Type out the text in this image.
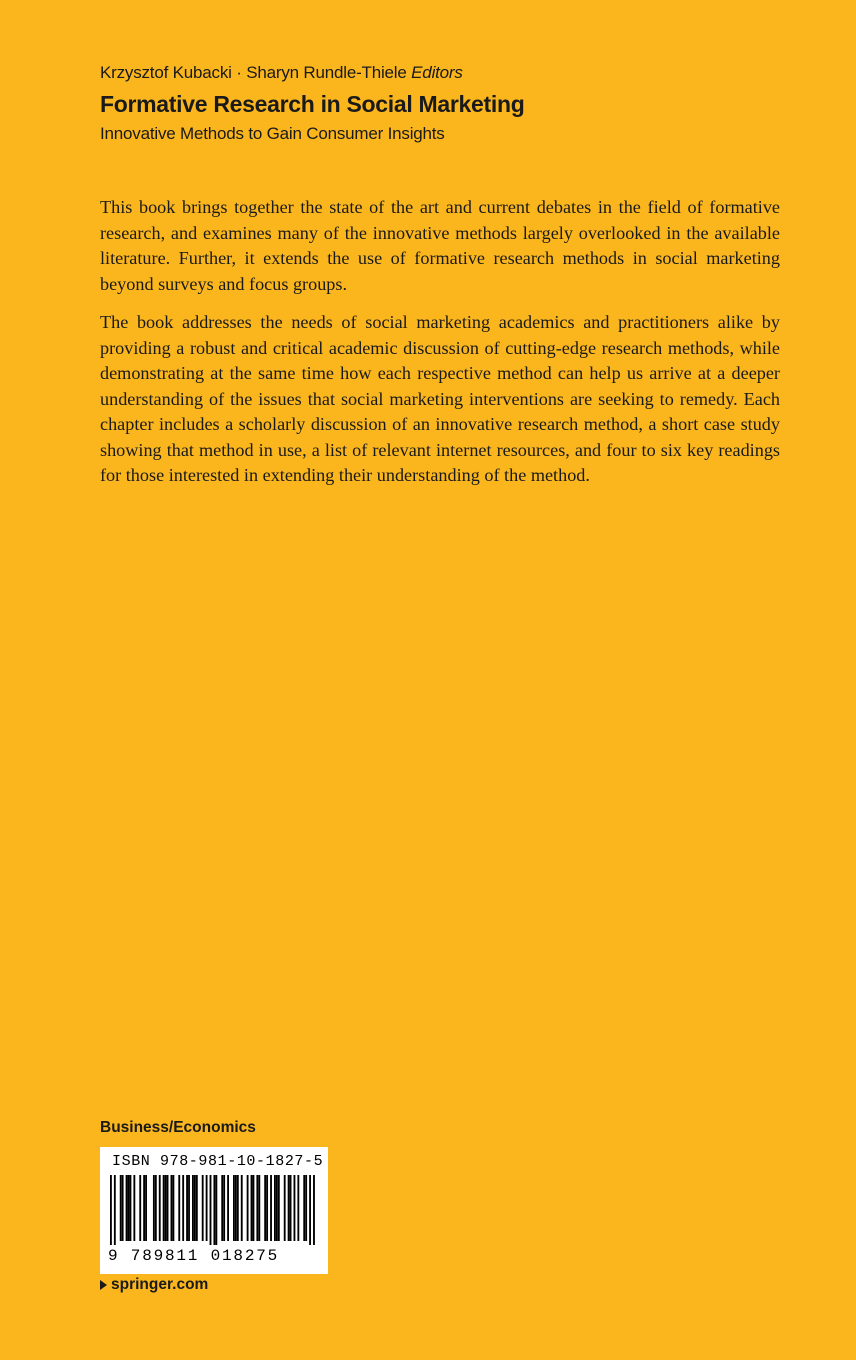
Krzysztof Kubacki · Sharyn Rundle-Thiele Editors
Formative Research in Social Marketing
Innovative Methods to Gain Consumer Insights

This book brings together the state of the art and current debates in the field of formative research, and examines many of the innovative methods largely overlooked in the available literature. Further, it extends the use of formative research methods in social marketing beyond surveys and focus groups.

The book addresses the needs of social marketing academics and practitioners alike by providing a robust and critical academic discussion of cutting-edge research methods, while demonstrating at the same time how each respective method can help us arrive at a deeper understanding of the issues that social marketing interventions are seeking to remedy. Each chapter includes a scholarly discussion of an innovative research method, a short case study showing that method in use, a list of relevant internet resources, and four to six key readings for those interested in extending their understanding of the method.

Business/Economics
ISBN 978-981-10-1827-5
9 789811 018275
springer.com
